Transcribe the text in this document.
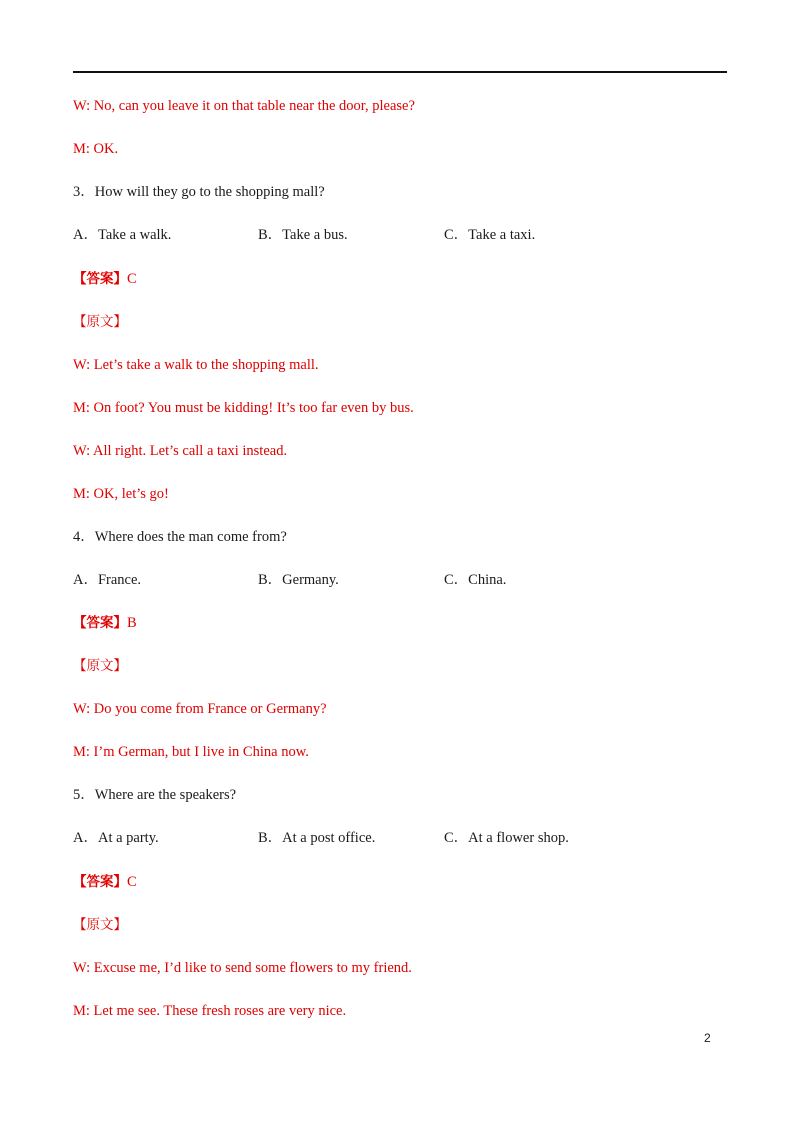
W: No, can you leave it on that table near the door, please?
M: OK.
3．How will they go to the shopping mall?
A．Take a walk.	B．Take a bus.	C．Take a taxi.
【答案】C
【原文】
W: Let’s take a walk to the shopping mall.
M: On foot? You must be kidding! It’s too far even by bus.
W: All right. Let’s call a taxi instead.
M: OK, let’s go!
4．Where does the man come from?
A．France.	B．Germany.	C．China.
【答案】B
【原文】
W: Do you come from France or Germany?
M: I’m German, but I live in China now.
5．Where are the speakers?
A．At a party.	B．At a post office.	C．At a flower shop.
【答案】C
【原文】
W: Excuse me, I’d like to send some flowers to my friend.
M: Let me see. These fresh roses are very nice.
2
